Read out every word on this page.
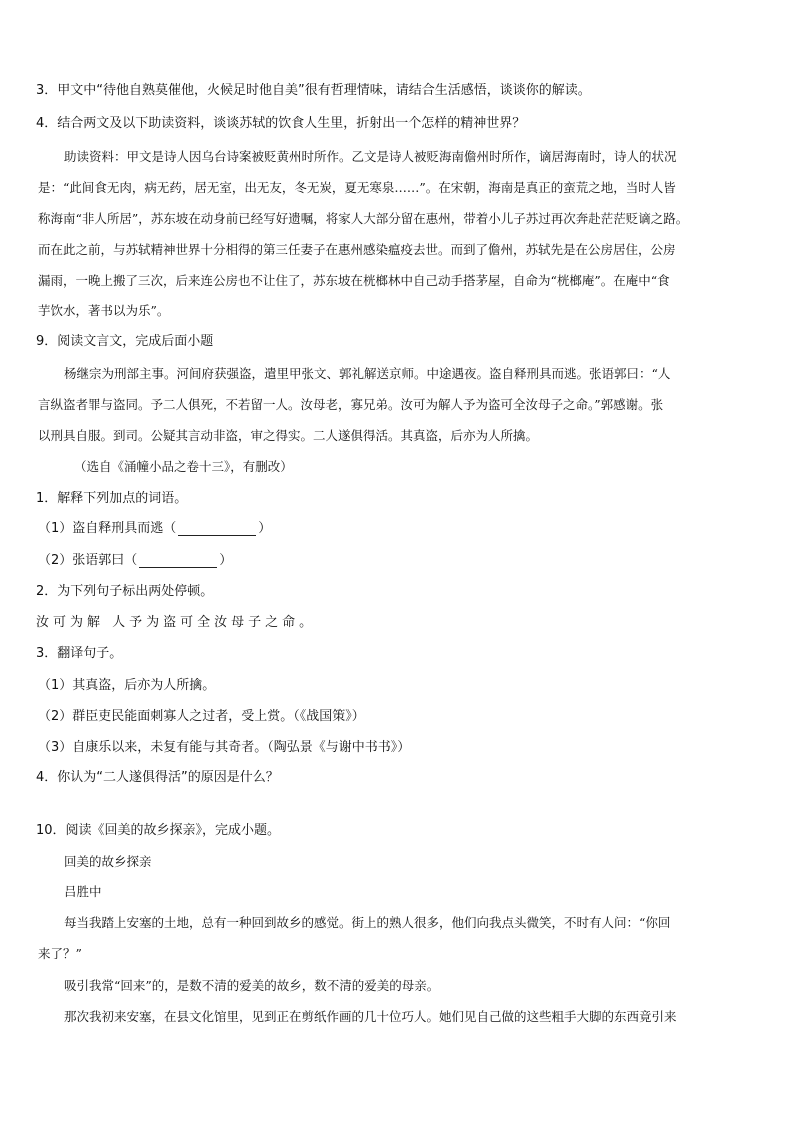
3．甲文中“待他自熟莫催他，火候足时他自美”很有哲理情味，请结合生活感悟，谈谈你的解读。
4．结合两文及以下助读资料，谈谈苏轼的饮食人生里，折射出一个怎样的精神世界？
助读资料：甲文是诗人因乌台诗案被贬黄州时所作。乙文是诗人被贬海南儋州时所作，谪居海南时，诗人的状况
是：“此间食无肉，病无药，居无室，出无友，冬无炭，夏无寒泉……”。在宋朝，海南是真正的蛮荒之地，当时人皆
称海南“非人所居”，苏东坡在动身前已经写好遗嘱，将家人大部分留在惠州，带着小儿子苏过再次奔赴茫茫贬谪之路。
而在此之前，与苏轼精神世界十分相得的第三任妻子在惠州感染瘟疫去世。而到了儋州，苏轼先是在公房居住，公房
漏雨，一晚上搬了三次，后来连公房也不让住了，苏东坡在桄榔林中自己动手搭茅屋，自命为“桄榔庵”。在庵中“食
芋饮水，著书以为乐”。
9．阅读文言文，完成后面小题
杨继宗为刑部主事。河间府获强盗，遣里甲张文、郭礼解送京师。中途遇夜。盗自释刑具而逃。张语郭曰：“人
言纵盗者罪与盗同。予二人俱死，不若留一人。汝母老，寡兄弟。汝可为解人予为盗可全汝母子之命。”郭感谢。张
以刑具自服。到司。公疑其言动非盗，审之得实。二人遂俱得活。其真盗，后亦为人所擒。
（选自《涌幢小品之卷十三》，有删改）
1．解释下列加点的词语。
（1）盗自释刑具而逃（	）
（2）张语郭曰（	）
2．为下列句子标出两处停顿。
汝可为解 人予为盗可全汝母子之命。
3．翻译句子。
（1）其真盗，后亦为人所擒。
（2）群臣吏民能面刺寡人之过者，受上赏。（《战国策》）
（3）自康乐以来，未复有能与其奇者。（陶弘景《与谢中书书》）
4．你认为“二人遂俱得活”的原因是什么？
10．阅读《回美的故乡探亲》，完成小题。
回美的故乡探亲
吕胜中
每当我踏上安塞的土地，总有一种回到故乡的感觉。街上的熟人很多，他们向我点头微笑，不时有人问：“你回
来了？”
吸引我常“回来”的，是数不清的爱美的故乡，数不清的爱美的母亲。
那次我初来安塞，在县文化馆里，见到正在剪纸作画的几十位巧人。她们见自己做的这些粗手大脚的东西竟引来
